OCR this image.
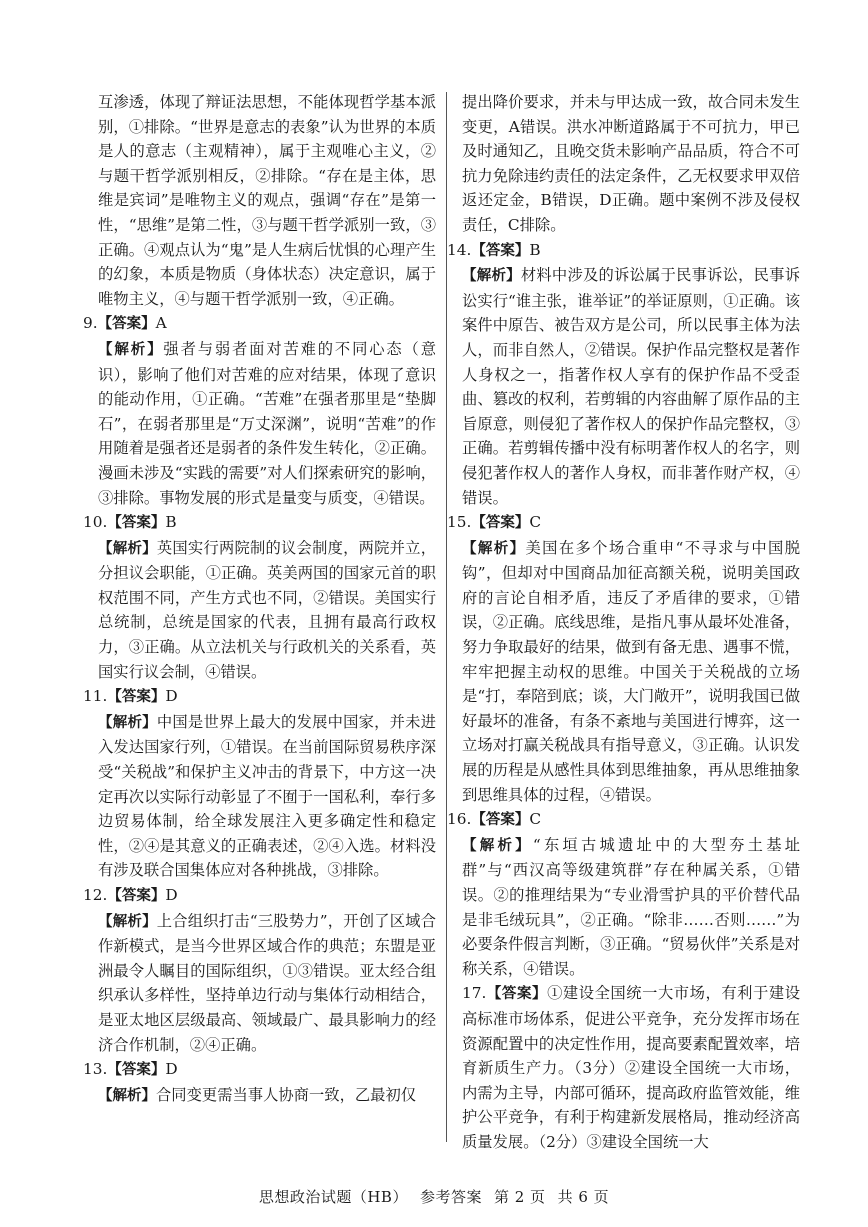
互渗透，体现了辩证法思想，不能体现哲学基本派别，①排除。“世界是意志的表象”认为世界的本质是人的意志（主观精神），属于主观唯心主义，②与题干哲学派别相反，②排除。“存在是主体，思维是宾词”是唯物主义的观点，强调“存在”是第一性，“思维”是第二性，③与题干哲学派别一致，③正确。④观点认为“鬼”是人生病后忧惧的心理产生的幻象，本质是物质（身体状态）决定意识，属于唯物主义，④与题干哲学派别一致，④正确。

9.【答案】A

【解析】强者与弱者面对苦难的不同心态（意识），影响了他们对苦难的应对结果，体现了意识的能动作用，①正确。“苦难”在强者那里是“垫脚石”，在弱者那里是“万丈深渊”，说明“苦难”的作用随着是强者还是弱者的条件发生转化，②正确。漫画未涉及“实践的需要”对人们探索研究的影响，③排除。事物发展的形式是量变与质变，④错误。

10.【答案】B

【解析】英国实行两院制的议会制度，两院并立，分担议会职能，①正确。英美两国的国家元首的职权范围不同，产生方式也不同，②错误。美国实行总统制，总统是国家的代表，且拥有最高行政权力，③正确。从立法机关与行政机关的关系看，英国实行议会制，④错误。

11.【答案】D

【解析】中国是世界上最大的发展中国家，并未进入发达国家行列，①错误。在当前国际贸易秩序深受“关税战”和保护主义冲击的背景下，中方这一决定再次以实际行动彰显了不囿于一国私利，奉行多边贸易体制，给全球发展注入更多确定性和稳定性，②④是其意义的正确表述，②④入选。材料没有涉及联合国集体应对各种挑战，③排除。

12.【答案】D

【解析】上合组织打击“三股势力”，开创了区域合作新模式，是当今世界区域合作的典范；东盟是亚洲最令人瞩目的国际组织，①③错误。亚太经合组织承认多样性，坚持单边行动与集体行动相结合，是亚太地区层级最高、领域最广、最具影响力的经济合作机制，②④正确。

13.【答案】D

【解析】合同变更需当事人协商一致，乙最初仅

提出降价要求，并未与甲达成一致，故合同未发生变更，A错误。洪水冲断道路属于不可抗力，甲已及时通知乙，且晚交货未影响产品品质，符合不可抗力免除违约责任的法定条件，乙无权要求甲双倍返还定金，B错误，D正确。题中案例不涉及侵权责任，C排除。

14.【答案】B

【解析】材料中涉及的诉讼属于民事诉讼，民事诉讼实行“谁主张，谁举证”的举证原则，①正确。该案件中原告、被告双方是公司，所以民事主体为法人，而非自然人，②错误。保护作品完整权是著作人身权之一，指著作权人享有的保护作品不受歪曲、篡改的权利，若剪辑的内容曲解了原作品的主旨原意，则侵犯了著作权人的保护作品完整权，③正确。若剪辑传播中没有标明著作权人的名字，则侵犯著作权人的著作人身权，而非著作财产权，④错误。

15.【答案】C

【解析】美国在多个场合重申“不寻求与中国脱钩”，但却对中国商品加征高额关税，说明美国政府的言论自相矛盾，违反了矛盾律的要求，①错误，②正确。底线思维，是指凡事从最坏处准备，努力争取最好的结果，做到有备无患、遇事不慌，牢牢把握主动权的思维。中国关于关税战的立场是“打，奉陪到底；谈，大门敞开”，说明我国已做好最坏的准备，有条不紊地与美国进行博弈，这一立场对打赢关税战具有指导意义，③正确。认识发展的历程是从感性具体到思维抽象，再从思维抽象到思维具体的过程，④错误。

16.【答案】C

【解析】“东垣古城遗址中的大型夯土基址群”与“西汉高等级建筑群”存在种属关系，①错误。②的推理结果为“专业滑雪护具的平价替代品是非毛绒玩具”，②正确。“除非……否则……”为必要条件假言判断，③正确。“贸易伙伴”关系是对称关系，④错误。

17.【答案】①建设全国统一大市场，有利于建设高标准市场体系，促进公平竞争，充分发挥市场在资源配置中的决定性作用，提高要素配置效率，培育新质生产力。（3分）②建设全国统一大市场，内需为主导，内部可循环，提高政府监管效能，维护公平竞争，有利于构建新发展格局，推动经济高质量发展。（2分）③建设全国统一大

思想政治试题（HB） 参考答案 第 2 页 共 6 页
